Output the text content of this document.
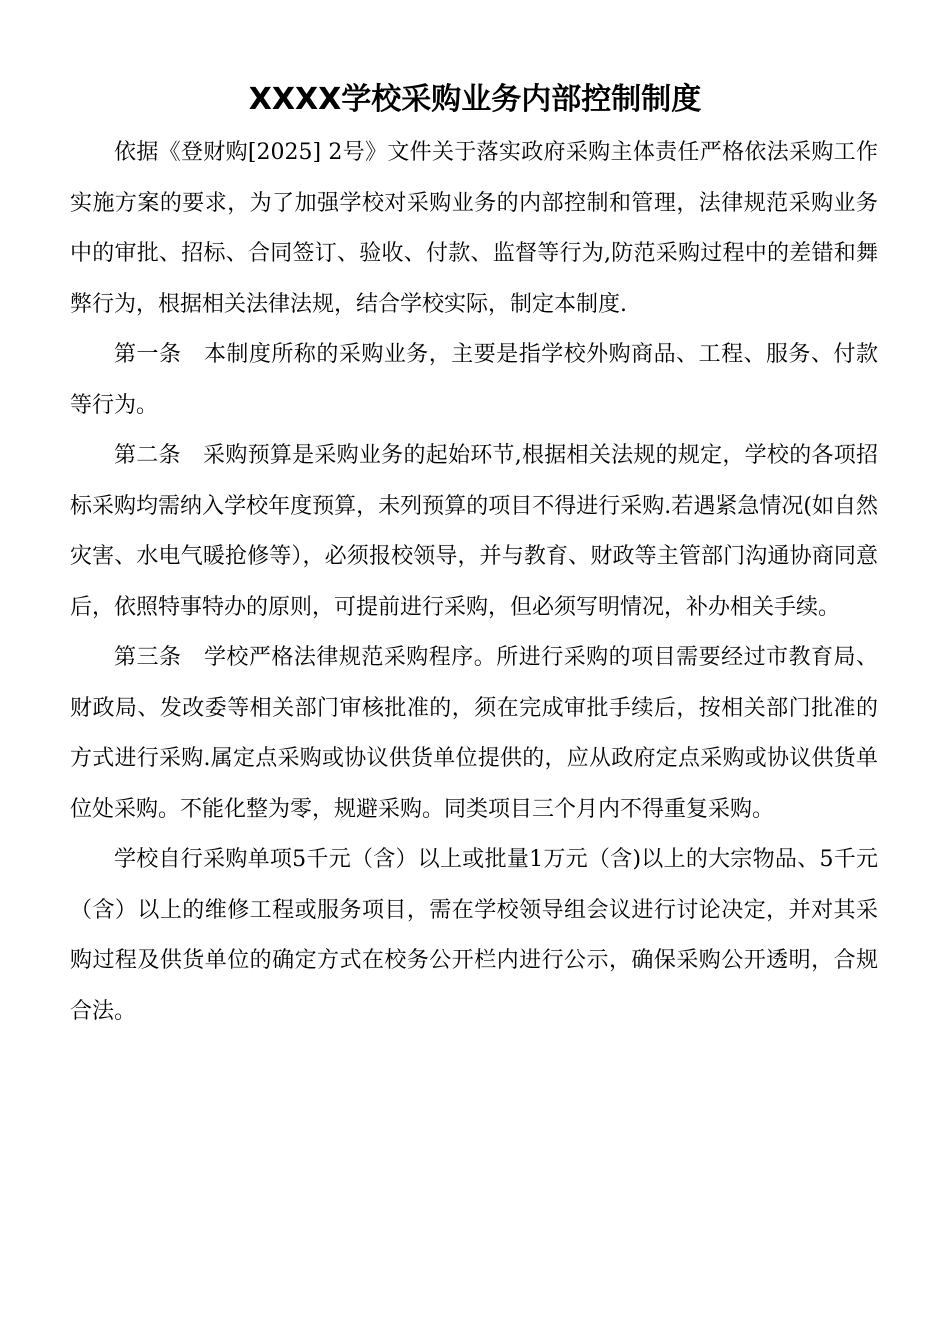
XXXX学校采购业务内部控制制度

依据《登财购[2025] 2号》文件关于落实政府采购主体责任严格依法采购工作实施方案的要求，为了加强学校对采购业务的内部控制和管理，法律规范采购业务中的审批、招标、合同签订、验收、付款、监督等行为,防范采购过程中的差错和舞弊行为，根据相关法律法规，结合学校实际，制定本制度.

第一条　本制度所称的采购业务，主要是指学校外购商品、工程、服务、付款等行为。

第二条　采购预算是采购业务的起始环节,根据相关法规的规定，学校的各项招标采购均需纳入学校年度预算，未列预算的项目不得进行采购.若遇紧急情况(如自然灾害、水电气暖抢修等），必须报校领导，并与教育、财政等主管部门沟通协商同意后，依照特事特办的原则，可提前进行采购，但必须写明情况，补办相关手续。

第三条　学校严格法律规范采购程序。所进行采购的项目需要经过市教育局、财政局、发改委等相关部门审核批准的，须在完成审批手续后，按相关部门批准的方式进行采购.属定点采购或协议供货单位提供的，应从政府定点采购或协议供货单位处采购。不能化整为零，规避采购。同类项目三个月内不得重复采购。

学校自行采购单项5千元（含）以上或批量1万元（含)以上的大宗物品、5千元（含）以上的维修工程或服务项目，需在学校领导组会议进行讨论决定，并对其采购过程及供货单位的确定方式在校务公开栏内进行公示，确保采购公开透明，合规合法。
